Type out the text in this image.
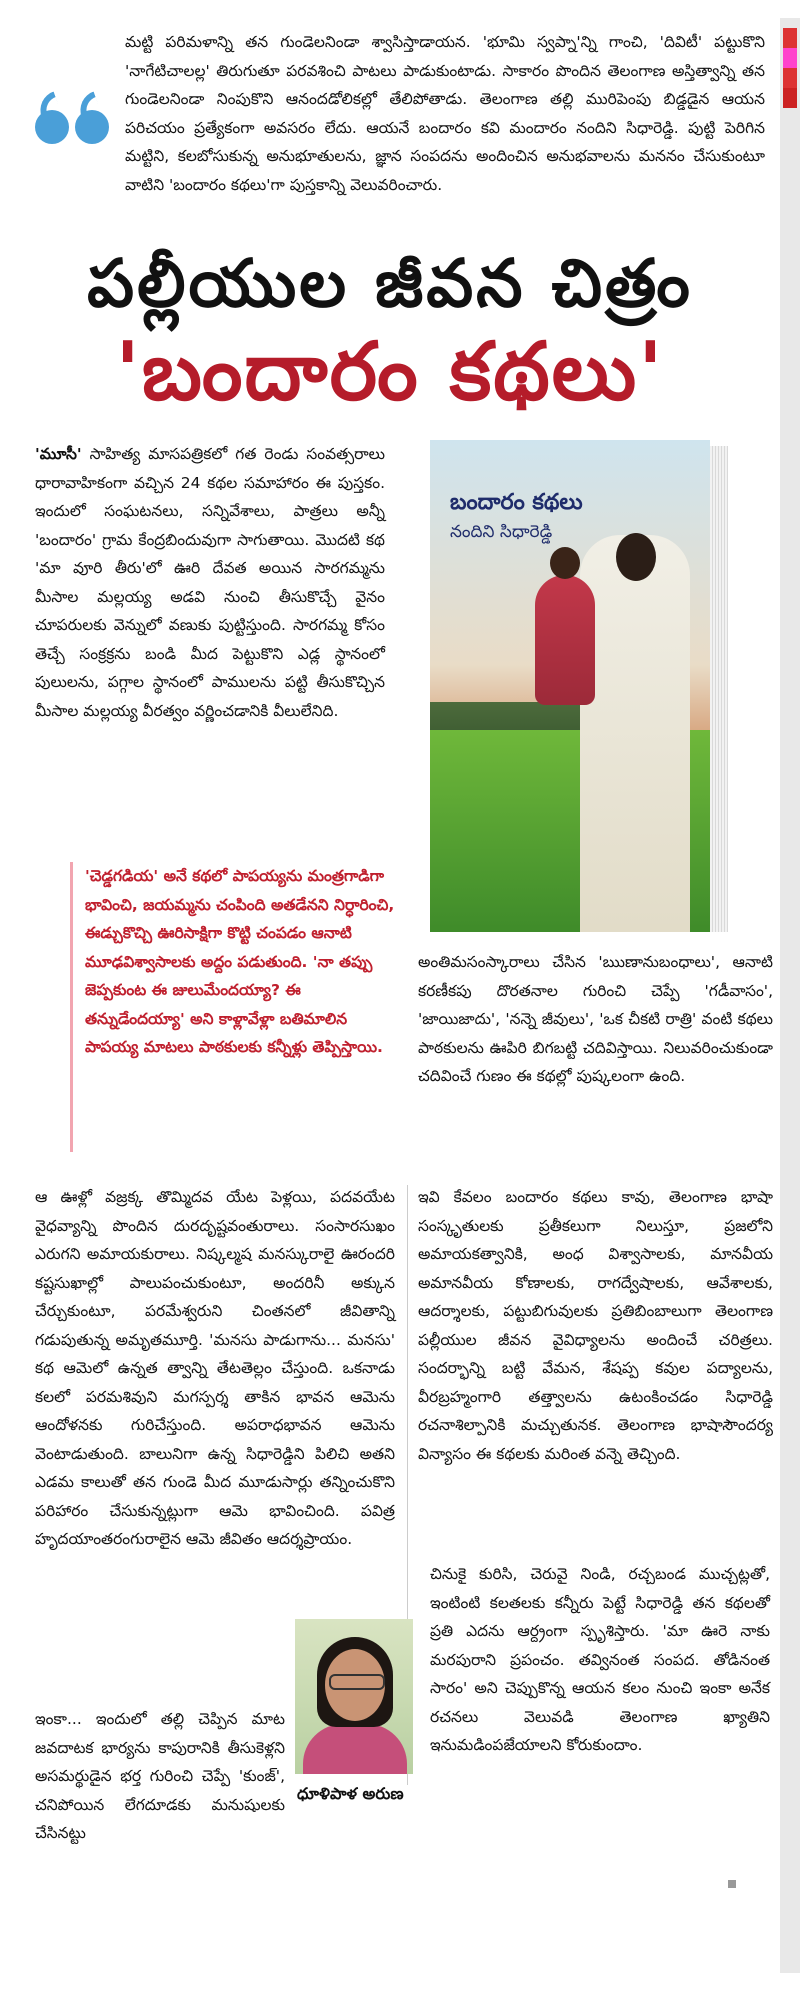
మట్టి పరిమళాన్ని తన గుండెలనిండా శ్వాసిస్తాడాయన. 'భూమి స్వప్నా'న్ని గాంచి, 'దివిటీ' పట్టుకొని 'నాగేటిచాలల్ల' తిరుగుతూ పరవశించి పాటలు పాడుకుంటాడు. సాకారం పొందిన తెలంగాణ అస్తిత్వాన్ని తన గుండెలనిండా నింపుకొని ఆనందడోలికల్లో తేలిపోతాడు. తెలంగాణ తల్లి మురిపెంపు బిడ్డడైన ఆయన పరిచయం ప్రత్యేకంగా అవసరం లేదు. ఆయనే బందారం కవి మందారం నందిని సిధారెడ్డి. పుట్టి పెరిగిన మట్టిని, కలబోసుకున్న అనుభూతులను, జ్ఞాన సంపదను అందించిన అనుభవాలను మననం చేసుకుంటూ వాటిని 'బందారం కథలు'గా పుస్తకాన్ని వెలువరించారు.

పల్లీయుల జీవన చిత్రం
'బందారం కథలు'

'మూసీ' సాహిత్య మాసపత్రికలో గత రెండు సంవత్సరాలు ధారావాహికంగా వచ్చిన 24 కథల సమాహారం ఈ పుస్తకం. ఇందులో సంఘటనలు, సన్నివేశాలు, పాత్రలు అన్నీ 'బందారం' గ్రామ కేంద్రబిందువుగా సాగుతాయి. మొదటి కథ 'మా వూరి తీరు'లో ఊరి దేవత అయిన సారగమ్మను మీసాల మల్లయ్య అడవి నుంచి తీసుకొచ్చే వైనం చూపరులకు వెన్నులో వణుకు పుట్టిస్తుంది. సారగమ్మ కోసం తెచ్చే సంక్రక్రను బండి మీద పెట్టుకొని ఎడ్ల స్థానంలో పులులను, పగ్గాల స్థానంలో పాములను పట్టి తీసుకొచ్చిన మీసాల మల్లయ్య వీరత్వం వర్ణించడానికి వీలులేనిది.

'చెడ్డగడియ' అనే కథలో పాపయ్యను మంత్రగాడిగా భావించి, జయమ్మను చంపింది అతడేనని నిర్ధారించి, ఈడ్చుకొచ్చి ఊరిసాక్షిగా కొట్టి చంపడం ఆనాటి మూఢవిశ్వాసాలకు అద్దం పడుతుంది. 'నా తప్పు జెప్పకుంట ఈ జులుమేందయ్యా? ఈ తన్నుడేందయ్యా' అని కాళ్లావేళ్లా బతిమాలిన పాపయ్య మాటలు పాఠకులకు కన్నీళ్లు తెప్పిస్తాయి.

బందారం కథలు
నందిని సిధారెడ్డి

అంతిమసంస్కారాలు చేసిన 'ఋణానుబంధాలు', ఆనాటి కరణీకపు దొరతనాల గురించి చెప్పే 'గడీవాసం', 'జాయిజాదు', 'నన్నె జీవులు', 'ఒక చీకటి రాత్రి' వంటి కథలు పాఠకులను ఊపిరి బిగబట్టి చదివిస్తాయి. నిలువరించుకుండా చదివించే గుణం ఈ కథల్లో పుష్కలంగా ఉంది.

ఆ ఊళ్లో వజ్రక్క తొమ్మిదవ యేట పెళ్లయి, పదవయేట వైధవ్యాన్ని పొందిన దురదృష్టవంతురాలు. సంసారసుఖం ఎరుగని అమాయకురాలు. నిష్కల్మష మనస్కురాలై ఊరందరి కష్టసుఖాల్లో పాలుపంచుకుంటూ, అందరినీ అక్కున చేర్చుకుంటూ, పరమేశ్వరుని చింతనలో జీవితాన్ని గడుపుతున్న అమృతమూర్తి. 'మనసు పాడుగాను... మనసు' కథ ఆమెలో ఉన్నత త్వాన్ని తేటతెల్లం చేస్తుంది. ఒకనాడు కలలో పరమశివుని మగస్పర్శ తాకిన భావన ఆమెను ఆందోళనకు గురిచేస్తుంది. అపరాధభావన ఆమెను వెంటాడుతుంది. బాలునిగా ఉన్న సిధారెడ్డిని పిలిచి అతని ఎడమ కాలుతో తన గుండె మీద మూడుసార్లు తన్నించుకొని పరిహారం చేసుకున్నట్లుగా ఆమె భావించింది. పవిత్ర హృదయాంతరంగురాలైన ఆమె జీవితం ఆదర్శప్రాయం.

ఇవి కేవలం బందారం కథలు కావు, తెలంగాణ భాషా సంస్కృతులకు ప్రతీకలుగా నిలుస్తూ, ప్రజలోని అమాయకత్వానికి, అంధ విశ్వాసాలకు, మానవీయ అమానవీయ కోణాలకు, రాగద్వేషాలకు, ఆవేశాలకు, ఆదర్శాలకు, పట్టుబిగువులకు ప్రతిబింబాలుగా తెలంగాణ పల్లీయుల జీవన వైవిధ్యాలను అందించే చరిత్రలు. సందర్భాన్ని బట్టి వేమన, శేషప్ప కవుల పద్యాలను, వీరబ్రహ్మంగారి తత్త్వాలను ఉటంకించడం సిధారెడ్డి రచనాశిల్పానికి మచ్చుతునక. తెలంగాణ భాషాసౌందర్య విన్యాసం ఈ కథలకు మరింత వన్నె తెచ్చింది.

ధూళిపాళ అరుణ

ఇంకా... ఇందులో తల్లి చెప్పిన మాట జవదాటక భార్యను కాపురానికి తీసుకెళ్లని అసమర్థుడైన భర్త గురించి చెప్పే 'కుంజ్', చనిపోయిన లేగదూడకు మనుషులకు చేసినట్టు

చినుకై కురిసి, చెరువై నిండి, రచ్చబండ ముచ్చట్లతో, ఇంటింటి కలతలకు కన్నీరు పెట్టే సిధారెడ్డి తన కథలతో ప్రతి ఎదను ఆర్ద్రంగా స్పృశిస్తారు. 'మా ఊరె నాకు మరపురాని ప్రపంచం. తవ్వినంత సంపద. తోడినంత సారం' అని చెప్పుకొన్న ఆయన కలం నుంచి ఇంకా అనేక రచనలు వెలువడి తెలంగాణ ఖ్యాతిని ఇనుమడింపజేయాలని కోరుకుందాం.
